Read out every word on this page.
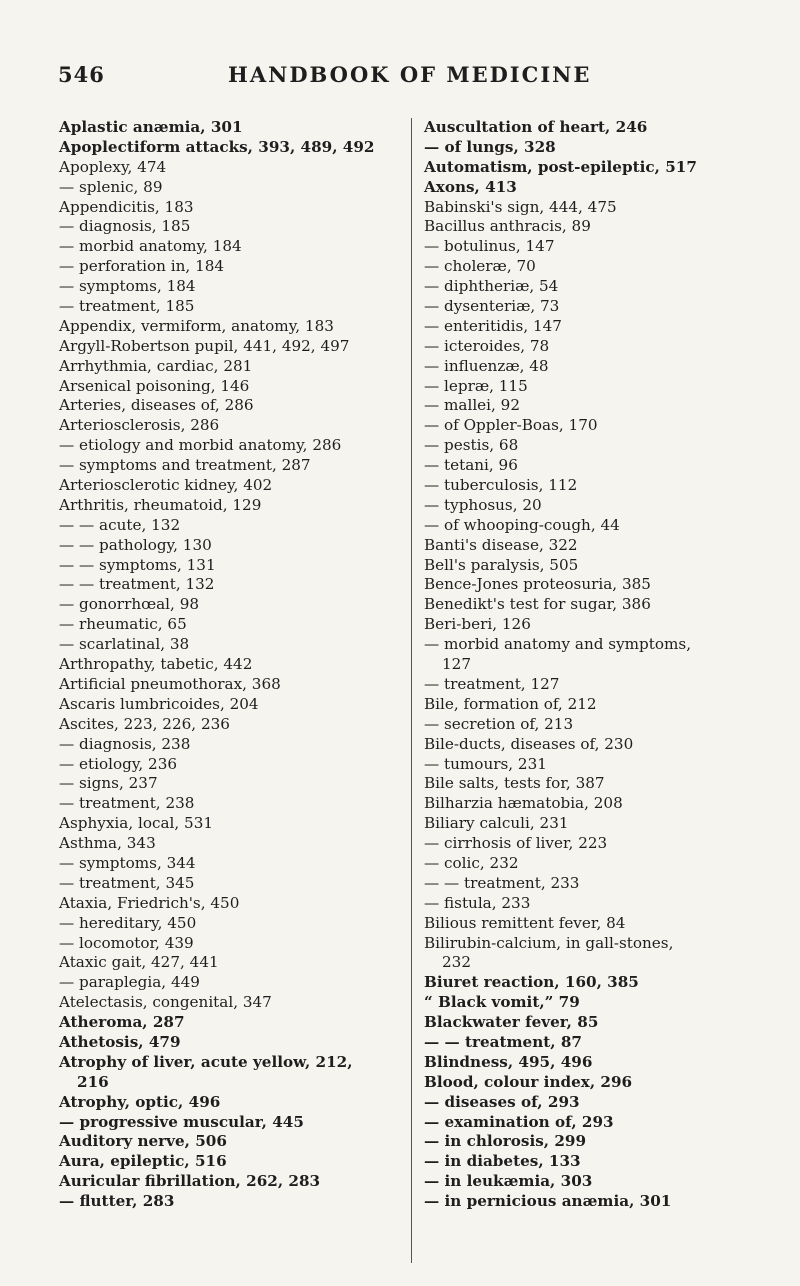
546	HANDBOOK OF MEDICINE
Aplastic anæmia, 301
Apoplectiform attacks, 393, 489, 492
Apoplexy, 474
— splenic, 89
Appendicitis, 183
— diagnosis, 185
— morbid anatomy, 184
— perforation in, 184
— symptoms, 184
— treatment, 185
Appendix, vermiform, anatomy, 183
Argyll-Robertson pupil, 441, 492, 497
Arrhythmia, cardiac, 281
Arsenical poisoning, 146
Arteries, diseases of, 286
Arteriosclerosis, 286
— etiology and morbid anatomy, 286
— symptoms and treatment, 287
Arteriosclerotic kidney, 402
Arthritis, rheumatoid, 129
— — acute, 132
— — pathology, 130
— — symptoms, 131
— — treatment, 132
— gonorrhœal, 98
— rheumatic, 65
— scarlatinal, 38
Arthropathy, tabetic, 442
Artificial pneumothorax, 368
Ascaris lumbricoides, 204
Ascites, 223, 226, 236
— diagnosis, 238
— etiology, 236
— signs, 237
— treatment, 238
Asphyxia, local, 531
Asthma, 343
— symptoms, 344
— treatment, 345
Ataxia, Friedrich's, 450
— hereditary, 450
— locomotor, 439
Ataxic gait, 427, 441
— paraplegia, 449
Atelectasis, congenital, 347
Atheroma, 287
Athetosis, 479
Atrophy of liver, acute yellow, 212,
216
Atrophy, optic, 496
— progressive muscular, 445
Auditory nerve, 506
Aura, epileptic, 516
Auricular fibrillation, 262, 283
— flutter, 283
Auscultation of heart, 246
— of lungs, 328
Automatism, post-epileptic, 517
Axons, 413
Babinski's sign, 444, 475
Bacillus anthracis, 89
— botulinus, 147
— choleræ, 70
— diphtheriæ, 54
— dysenteriæ, 73
— enteritidis, 147
— icteroides, 78
— influenzæ, 48
— lepræ, 115
— mallei, 92
— of Oppler-Boas, 170
— pestis, 68
— tetani, 96
— tuberculosis, 112
— typhosus, 20
— of whooping-cough, 44
Banti's disease, 322
Bell's paralysis, 505
Bence-Jones proteosuria, 385
Benedikt's test for sugar, 386
Beri-beri, 126
— morbid anatomy and symptoms,
127
— treatment, 127
Bile, formation of, 212
— secretion of, 213
Bile-ducts, diseases of, 230
— tumours, 231
Bile salts, tests for, 387
Bilharzia hæmatobia, 208
Biliary calculi, 231
— cirrhosis of liver, 223
— colic, 232
— — treatment, 233
— fistula, 233
Bilious remittent fever, 84
Bilirubin-calcium, in gall-stones,
232
Biuret reaction, 160, 385
“ Black vomit,” 79
Blackwater fever, 85
— — treatment, 87
Blindness, 495, 496
Blood, colour index, 296
— diseases of, 293
— examination of, 293
— in chlorosis, 299
— in diabetes, 133
— in leukæmia, 303
— in pernicious anæmia, 301
